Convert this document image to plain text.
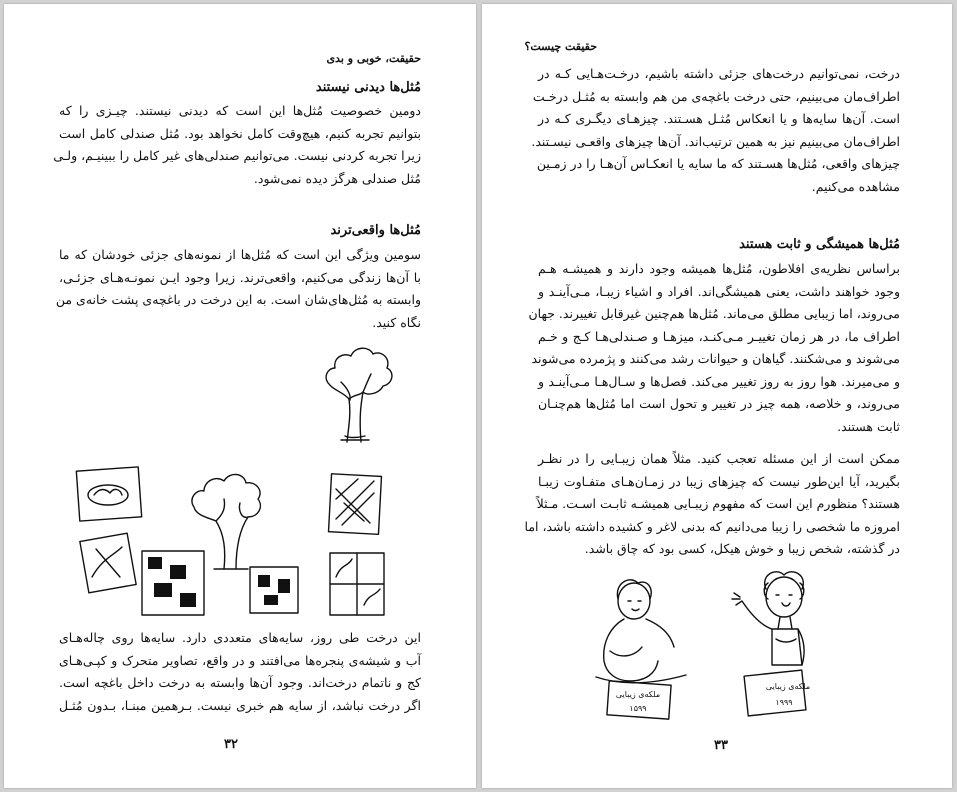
حقیقت، خوبی و بدی
مُثل‌ها دیدنی نیستند
دومین خصوصیت مُثل‌ها این است که دیدنی نیستند. چیـزی را که
بتوانیم تجربه کنیم، هیچ‌وقت کامل نخواهد بود. مُثل صندلی کامل است
زیرا تجربه کردنی نیست. می‌توانیم صندلی‌های غیر کامل را ببینیـم، ولـی
مُثل صندلی هرگز دیده نمی‌شود.
مُثل‌ها واقعی‌ترند
سومین ویژگی این است که مُثل‌ها از نمونه‌های جزئی خودشان که ما
با آن‌ها زندگی می‌کنیم، واقعی‌ترند. زیرا وجود ایـن نمونـه‌هـای جزئـی،
وابسته به مُثل‌های‌شان است. به این درخت در باغچه‌ی پشت خانه‌ی من
نگاه کنید.
این درخت طی روز، سایه‌های متعددی دارد. سایه‌ها روی چاله‌هـای
آب و شیشه‌ی پنجره‌ها می‌افتند و در واقع، تصاویر متحرک و کپـی‌هـای
کج و ناتمام درخت‌اند. وجود آن‌ها وابسته به درخت داخل باغچه است.
اگر درخت نباشد، از سایه هم خبری نیست. بـرهمین مبنـا، بـدون مُثـل
۳۲
حقیقت چیست؟
درخت، نمی‌توانیم درخت‌های جزئی داشته باشیم، درخـت‌هـایی کـه در
اطراف‌مان می‌بینیم، حتی درخت باغچه‌ی من هم وابسته به مُثـل درخـت
است. آن‌ها سایه‌ها و یا انعکاس مُثـل هسـتند. چیزهـای دیگـری کـه در
اطراف‌مان می‌بینیم نیز به همین ترتیب‌اند. آن‌ها چیزهای واقعـی نیسـتند.
چیزهای واقعی، مُثل‌ها هسـتند که ما سایه یا انعکـاس آن‌هـا را در زمـین
مشاهده می‌کنیم.
مُثل‌ها همیشگی و ثابت هستند
براساس نظریه‌ی افلاطون، مُثل‌ها همیشه وجود دارند و همیشـه هـم
وجود خواهند داشت، یعنی همیشگی‌اند. افراد و اشیاء زیبـا، مـی‌آینـد و
می‌روند، اما زیبایی مطلق می‌ماند. مُثل‌ها هم‌چنین غیرقابل تغییرند. جهان
اطراف ما، در هر زمان تغییـر مـی‌کنـد، میزهـا و صـندلی‌هـا کـج و خـم
می‌شوند و می‌شکنند. گیاهان و حیوانات رشد می‌کنند و پژمرده می‌شوند
و می‌میرند. هوا روز به روز تغییر می‌کند. فصل‌ها و سـال‌هـا مـی‌آینـد و
می‌روند، و خلاصه، همه چیز در تغییر و تحول است اما مُثل‌ها هم‌چنـان
ثابت هستند.
ممکن است از این مسئله تعجب کنید. مثلاً همان زیبـایی را در نظـر
بگیرید، آیا این‌طور نیست که چیزهای زیبا در زمـان‌هـای متفـاوت زیبـا
هستند؟ منظورم این است که مفهوم زیبـایی همیشـه ثابـت اسـت. مـثلاً
امروزه ما شخصی را زیبا می‌دانیم که بدنی لاغر و کشیده داشته باشد، اما
در گذشته، شخص زیبا و خوش هیکل، کسی بود که چاق باشد.
ملکه‌ی زیبایی
۱۹۹۹
ملکه‌ی زیبایی
۱۵۹۹
۳۳
